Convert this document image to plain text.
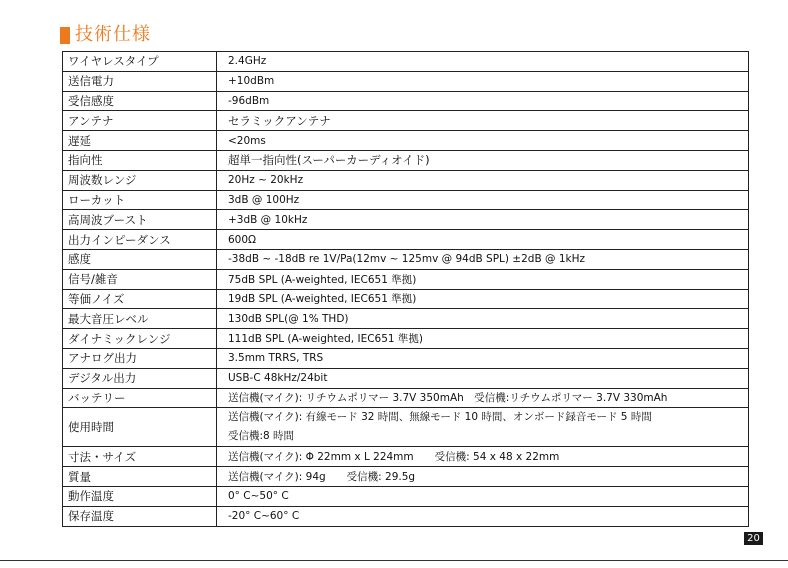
技術仕様
ワイヤレスタイプ	2.4GHz
送信電力	+10dBm
受信感度	-96dBm
アンテナ	セラミックアンテナ
遅延	<20ms
指向性	超単一指向性(スーパーカーディオイド)
周波数レンジ	20Hz ~ 20kHz
ローカット	3dB @ 100Hz
高周波ブースト	+3dB @ 10kHz
出力インピーダンス	600Ω
感度	-38dB ~ -18dB re 1V/Pa(12mv ~ 125mv @ 94dB SPL) ±2dB @ 1kHz
信号/雑音	75dB SPL (A-weighted, IEC651 準拠)
等価ノイズ	19dB SPL (A-weighted, IEC651 準拠)
最大音圧レベル	130dB SPL(@ 1% THD)
ダイナミックレンジ	111dB SPL (A-weighted, IEC651 準拠)
アナログ出力	3.5mm TRRS, TRS
デジタル出力	USB-C 48kHz/24bit
バッテリー	送信機(マイク): リチウムポリマー 3.7V 350mAh　受信機:リチウムポリマー 3.7V 330mAh
使用時間	送信機(マイク): 有線モード 32 時間、無線モード 10 時間、オンボード録音モード 5 時間
受信機:8 時間

寸法・サイズ	送信機(マイク): Φ 22mm x L 224mm　　受信機: 54 x 48 x 22mm
質量	送信機(マイク): 94g　　受信機: 29.5g
動作温度	0° C~50° C
保存温度	-20° C~60° C
20
